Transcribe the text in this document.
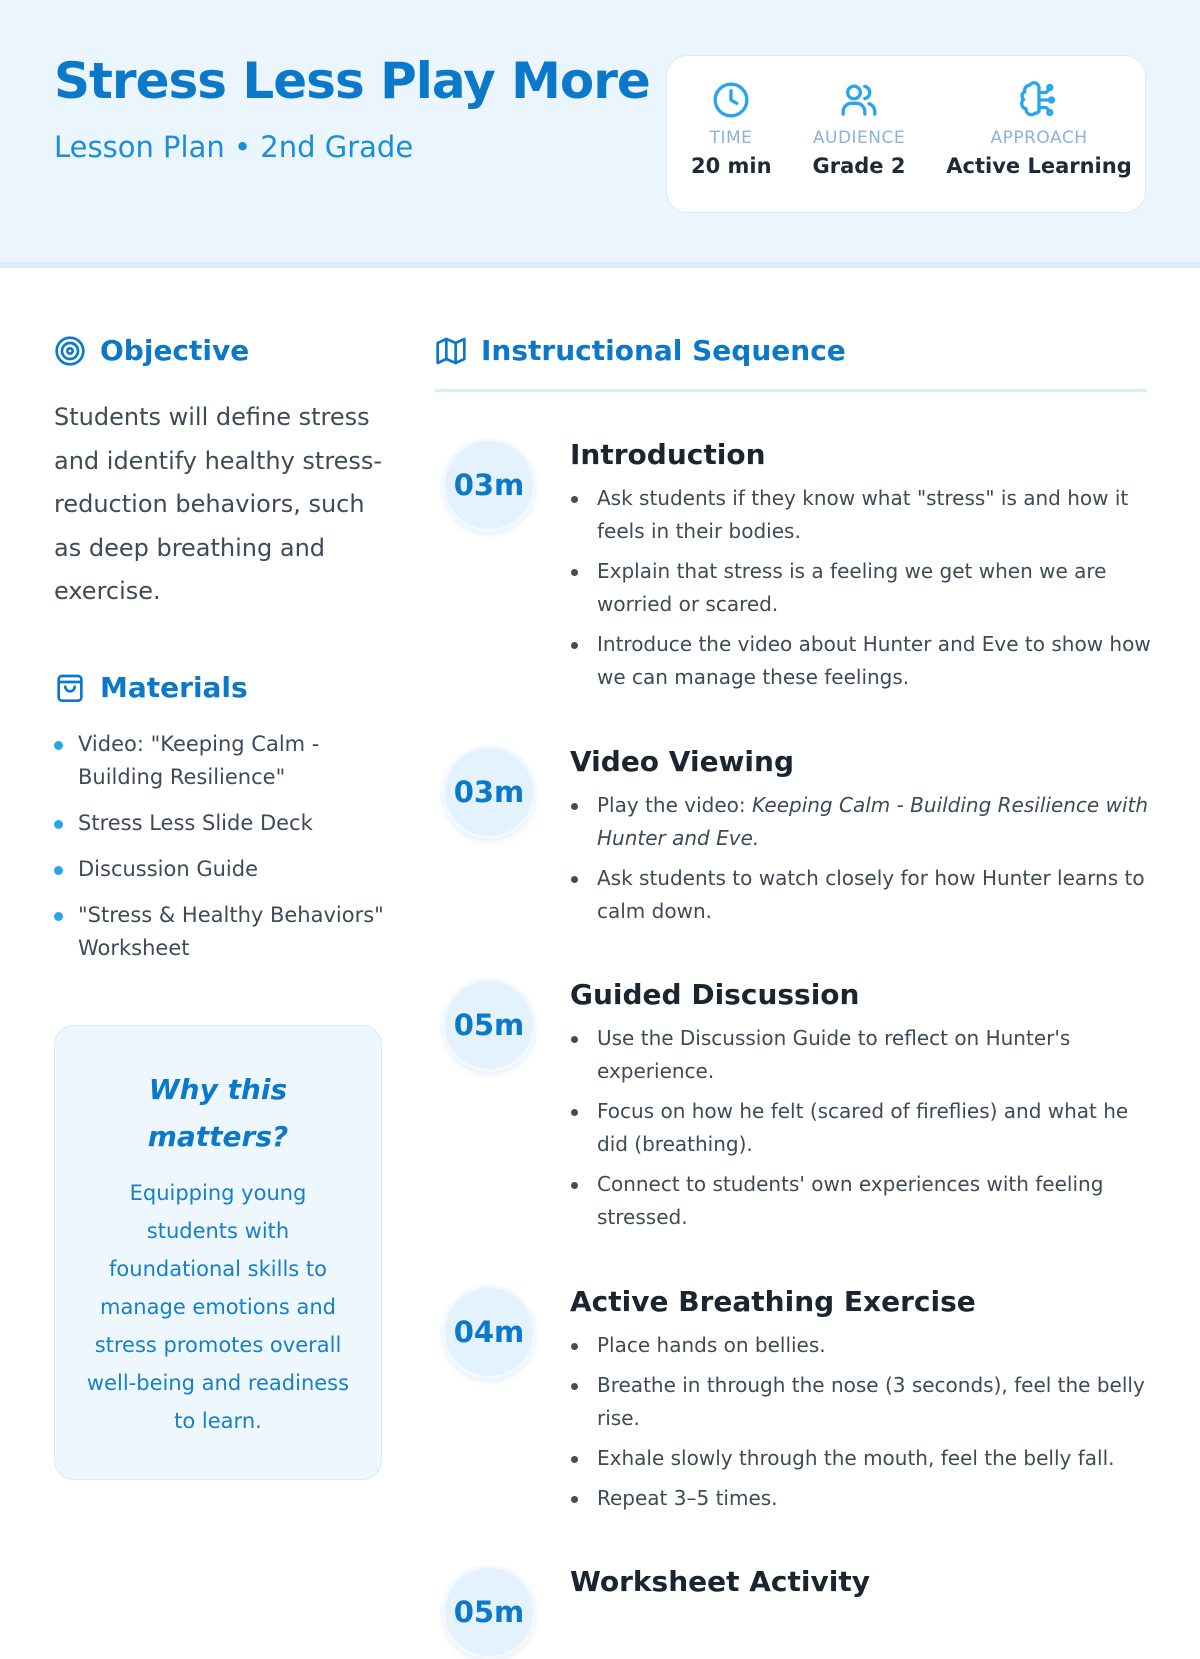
Stress Less Play More
Lesson Plan • 2nd Grade	TIME
20 min
AUDIENCE
Grade 2
APPROACH
Active Learning
Objective

Students will define stress and identify healthy stress-reduction behaviors, such as deep breathing and exercise.

Materials
Video: "Keeping Calm - Building Resilience"
Stress Less Slide Deck
Discussion Guide
"Stress & Healthy Behaviors" Worksheet
Why this matters?
Equipping young students with foundational skills to manage emotions and stress promotes overall well-being and readiness to learn.
Instructional Sequence
03m
Introduction
Ask students if they know what "stress" is and how it feels in their bodies.
Explain that stress is a feeling we get when we are worried or scared.
Introduce the video about Hunter and Eve to show how we can manage these feelings.
03m
Video Viewing
Play the video: Keeping Calm - Building Resilience with Hunter and Eve.
Ask students to watch closely for how Hunter learns to calm down.
05m
Guided Discussion
Use the Discussion Guide to reflect on Hunter's experience.
Focus on how he felt (scared of fireflies) and what he did (breathing).
Connect to students' own experiences with feeling stressed.
04m
Active Breathing Exercise
Place hands on bellies.
Breathe in through the nose (3 seconds), feel the belly rise.
Exhale slowly through the mouth, feel the belly fall.
Repeat 3–5 times.
05m
Worksheet Activity
